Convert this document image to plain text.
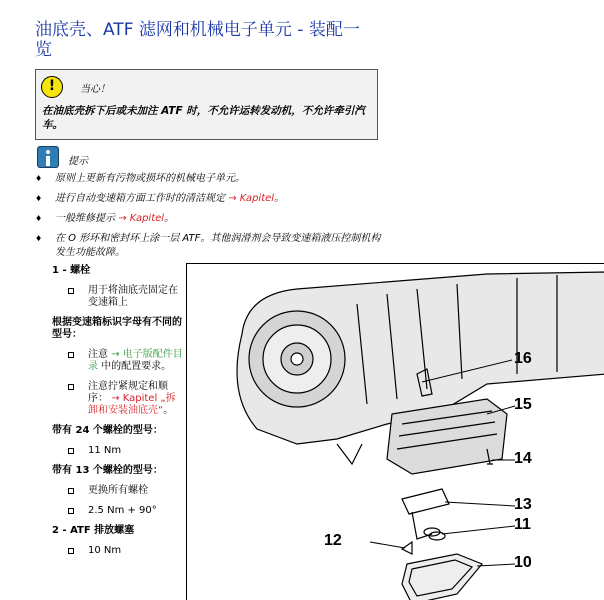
油底壳、ATF 滤网和机械电子单元 - 装配一览
!	当心！
在油底壳拆下后或未加注 ATF 时，不允许运转发动机，不允许牵引汽车。
提示
♦ 原则上更新有污物或损坏的机械电子单元。
♦ 进行自动变速箱方面工作时的清洁规定 → Kapitel。
♦ 一般维修提示 → Kapitel。
♦ 在 O 形环和密封环上涂一层 ATF。其他润滑剂会导致变速箱液压控制机构发生功能故障。
1 - 螺栓
用于将油底壳固定在变速箱上
根据变速箱标识字母有不同的型号：
注意 → 电子版配件目录 中的配置要求。
注意拧紧规定和顺序： → Kapitel „拆卸和安装油底壳“。
带有 24 个螺栓的型号：
11 Nm
带有 13 个螺栓的型号：
更换所有螺栓
2.5 Nm + 90°
2 - ATF 排放螺塞
10 Nm
16
15
14
13
11
12
10
